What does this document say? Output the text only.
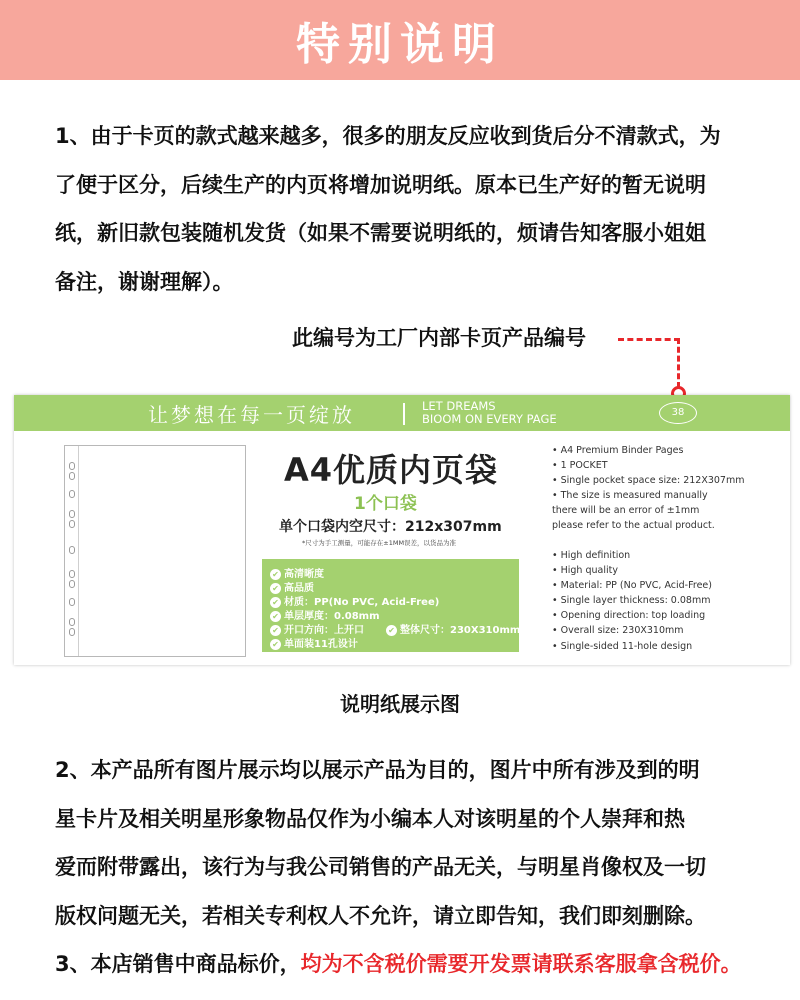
特别说明
1、由于卡页的款式越来越多，很多的朋友反应收到货后分不清款式，为
了便于区分，后续生产的内页将增加说明纸。原本已生产好的暂无说明
纸，新旧款包装随机发货（如果不需要说明纸的，烦请告知客服小姐姐
备注，谢谢理解）。
此编号为工厂内部卡页产品编号
让梦想在每一页绽放	LET DREAMS
BIOOM ON EVERY PAGE	38
A4优质内页袋
1个口袋
单个口袋内空尺寸：212x307mm
*尺寸为手工测量，可能存在±1MM误差，以货品为准
✔ 高清晰度
✔ 高品质
✔ 材质：PP(No PVC, Acid-Free)
✔ 单层厚度：0.08mm
✔ 开口方向：上开口	✔ 整体尺寸：230X310mm
✔ 单面装11孔设计
• A4 Premium Binder Pages
• 1 POCKET
• Single pocket space size: 212X307mm
• The size is measured manually
there will be an error of ±1mm
please refer to the actual product.
• High definition
• High quality
• Material: PP (No PVC, Acid-Free)
• Single layer thickness: 0.08mm
• Opening direction: top loading
• Overall size: 230X310mm
• Single-sided 11-hole design
说明纸展示图
2、本产品所有图片展示均以展示产品为目的，图片中所有涉及到的明
星卡片及相关明星形象物品仅作为小编本人对该明星的个人崇拜和热
爱而附带露出，该行为与我公司销售的产品无关，与明星肖像权及一切
版权问题无关，若相关专利权人不允许，请立即告知，我们即刻删除。
3、本店销售中商品标价，均为不含税价需要开发票请联系客服拿含税价。
